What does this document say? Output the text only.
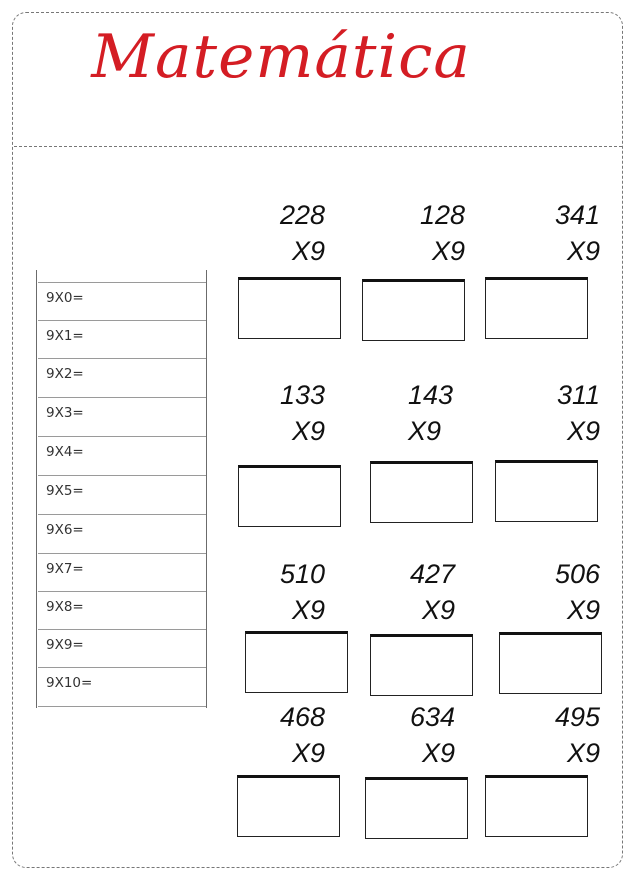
Matemática
9X0=
9X1=
9X2=
9X3=
9X4=
9X5=
9X6=
9X7=
9X8=
9X9=
9X10=
228
X9
128
X9
341
X9
133
X9
143
X9
311
X9
510
X9
427
X9
506
X9
468
X9
634
X9
495
X9
